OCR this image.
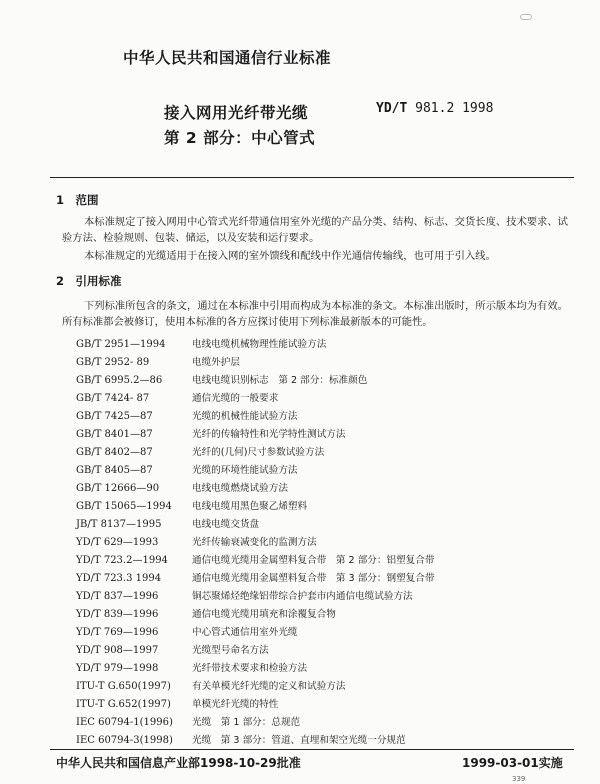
中华人民共和国通信行业标准
接入网用光纤带光缆
第 2 部分：中心管式
YD/T 981.2 1998
1　 范围
本标准规定了接入网用中心管式光纤带通信用室外光缆的产品分类、结构、标志、交货长度、技术要求、试验方法、检验规则、包装、储运，以及安装和运行要求。
本标准规定的光缆适用于在接入网的室外馈线和配线中作光通信传输线，也可用于引入线。
2　 引用标准
下列标准所包含的条文，通过在本标准中引用而构成为本标准的条文。本标准出版时，所示版本均为有效。所有标准都会被修订，使用本标准的各方应探讨使用下列标准最新版本的可能性。
GB/T 2951—1994	电线电缆机械物理性能试验方法
GB/T 2952- 89	电缆外护层
GB/T 6995.2—86	电线电缆识别标志　第 2 部分：标准颜色
GB/T 7424- 87	通信光缆的一般要求
GB/T 7425—87	光缆的机械性能试验方法
GB/T 8401—87	光纤的传输特性和光学特性测试方法
GB/T 8402—87	光纤的(几何)尺寸参数试验方法
GB/T 8405—87	光缆的环境性能试验方法
GB/T 12666—90	电线电缆燃烧试验方法
GB/T 15065—1994 电线电缆用黑色聚乙烯塑料
JB/T 8137—1995	电线电缆交货盘
YD/T 629—1993	光纤传输衰减变化的监测方法
YD/T 723.2—1994	通信电缆光缆用金属塑料复合带　第 2 部分：铝塑复合带
YD/T 723.3 1994	通信电缆光缆用金属塑料复合带　第 3 部分：钢塑复合带
YD/T 837—1996	铜芯聚烯烃绝缘铝带综合护套市内通信电缆试验方法
YD/T 839—1996	通信电缆光缆用填充和涂覆复合物
YD/T 769—1996	中心管式通信用室外光缆
YD/T 908—1997	光缆型号命名方法
YD/T 979—1998	光纤带技术要求和检验方法
ITU-T G.650(1997) 有关单模光纤光缆的定义和试验方法
ITU-T G.652(1997) 单模光纤光缆的特性
IEC 60794-1(1996) 光缆　第 1 部分：总规范
IEC 60794-3(1998) 光缆　第 3 部分：管道、直埋和架空光缆一分规范
中华人民共和国信息产业部1998-10-29批准	1999-03-01实施
339
